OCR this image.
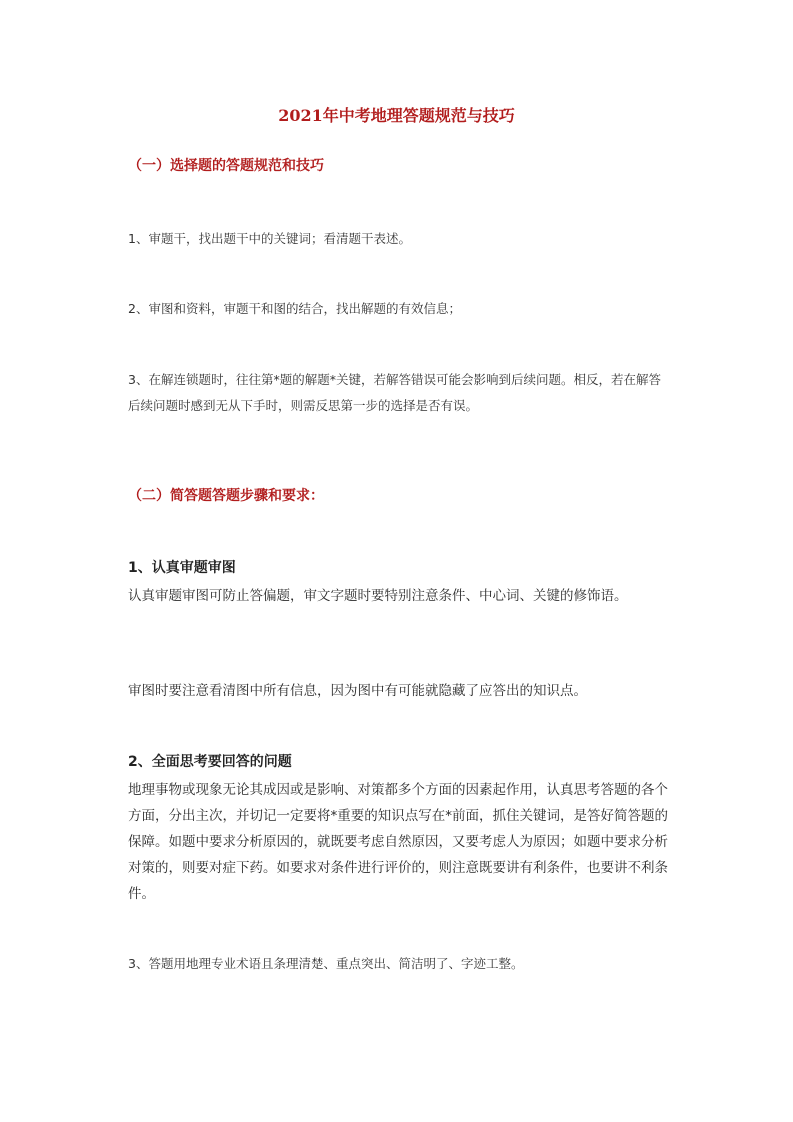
2021年中考地理答题规范与技巧
（一）选择题的答题规范和技巧
1、审题干，找出题干中的关键词；看清题干表述。
2、审图和资料，审题干和图的结合，找出解题的有效信息；
3、在解连锁题时，往往第*题的解题*关键，若解答错误可能会影响到后续问题。相反，若在解答后续问题时感到无从下手时，则需反思第一步的选择是否有误。
（二）简答题答题步骤和要求：
1、认真审题审图
认真审题审图可防止答偏题，审文字题时要特别注意条件、中心词、关键的修饰语。
审图时要注意看清图中所有信息，因为图中有可能就隐藏了应答出的知识点。
2、全面思考要回答的问题
地理事物或现象无论其成因或是影响、对策都多个方面的因素起作用，认真思考答题的各个方面，分出主次，并切记一定要将*重要的知识点写在*前面，抓住关键词，是答好简答题的保障。如题中要求分析原因的，就既要考虑自然原因，又要考虑人为原因；如题中要求分析对策的，则要对症下药。如要求对条件进行评价的，则注意既要讲有利条件，也要讲不利条件。
3、答题用地理专业术语且条理清楚、重点突出、简洁明了、字迹工整。
